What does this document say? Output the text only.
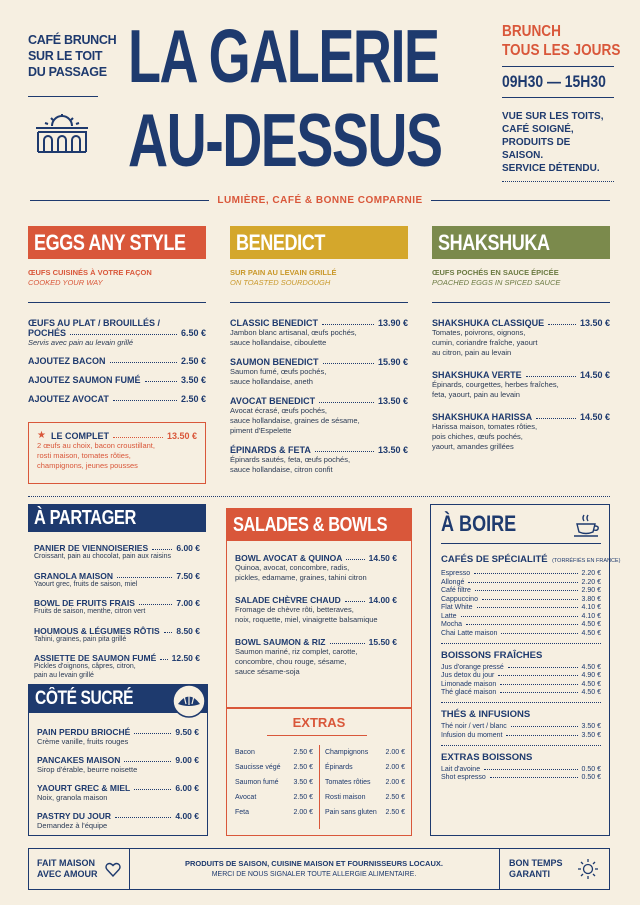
CAFÉ BRUNCH
SUR LE TOIT
DU PASSAGE LA GALERIE
AU-DESSUS
LUMIÈRE, CAFÉ & BONNE COMPARNIE
BRUNCH
TOUS LES JOURS
09H30 — 15H30
VUE SUR LES TOITS,
CAFÉ SOIGNÉ,
PRODUITS DE SAISON.
SERVICE DÉTENDU.
EGGS ANY STYLE
ŒUFS CUISINÉS À VOTRE FAÇON
COOKED YOUR WAY
ŒUFS AU PLAT / BROUILLÉS /
POCHÉS	6.50 €
Servis avec pain au levain grillé
AJOUTEZ BACON	2.50 €
AJOUTEZ SAUMON FUMÉ	3.50 €
AJOUTEZ AVOCAT	2.50 €
★ LE COMPLET	13.50 €
2 œufs au choix, bacon croustillant,
rosti maison, tomates rôties,
champignons, jeunes pousses
BENEDICT
SUR PAIN AU LEVAIN GRILLÉ
ON TOASTED SOURDOUGH
CLASSIC BENEDICT	13.90 €
Jambon blanc artisanal, œufs pochés,
sauce hollandaise, ciboulette
SAUMON BENEDICT	15.90 €
Saumon fumé, œufs pochés,
sauce hollandaise, aneth
AVOCAT BENEDICT	13.50 €
Avocat écrasé, œufs pochés,
sauce hollandaise, graines de sésame,
piment d'Espelette
ÉPINARDS & FETA	13.50 €
Épinards sautés, feta, œufs pochés,
sauce hollandaise, citron confit
SHAKSHUKA
ŒUFS POCHÉS EN SAUCE ÉPICÉE
POACHED EGGS IN SPICED SAUCE
SHAKSHUKA CLASSIQUE	13.50 €
Tomates, poivrons, oignons,
cumin, coriandre fraîche, yaourt
au citron, pain au levain
SHAKSHUKA VERTE	14.50 €
Épinards, courgettes, herbes fraîches,
feta, yaourt, pain au levain
SHAKSHUKA HARISSA	14.50 €
Harissa maison, tomates rôties,
pois chiches, œufs pochés,
yaourt, amandes grillées
À PARTAGER
PANIER DE VIENNOISERIES	6.00 €
Croissant, pain au chocolat, pain aux raisins
GRANOLA MAISON	7.50 €
Yaourt grec, fruits de saison, miel
BOWL DE FRUITS FRAIS	7.00 €
Fruits de saison, menthe, citron vert
HOUMOUS & LÉGUMES RÔTIS 8.50 €
Tahini, graines, pain pita grillé
ASSIETTE DE SAUMON FUMÉ 12.50 €
Pickles d'oignons, câpres, citron,
pain au levain grillé
CÔTÉ SUCRÉ
PAIN PERDU BRIOCHÉ	9.50 €
Crème vanille, fruits rouges
PANCAKES MAISON	9.00 €
Sirop d'érable, beurre noisette
YAOURT GREC & MIEL	6.00 €
Noix, granola maison
PASTRY DU JOUR	4.00 €
Demandez à l'équipe
SALADES & BOWLS
BOWL AVOCAT & QUINOA	14.50 €
Quinoa, avocat, concombre, radis,
pickles, edamame, graines, tahini citron
SALADE CHÈVRE CHAUD	14.00 €
Fromage de chèvre rôti, betteraves,
noix, roquette, miel, vinaigrette balsamique
BOWL SAUMON & RIZ	15.50 €
Saumon mariné, riz complet, carotte,
concombre, chou rouge, sésame,
sauce sésame-soja
EXTRAS
Bacon	2.50 €
Saucisse végé	2.50 €
Saumon fumé	3.50 €
Avocat	2.50 €
Feta	2.00 €
Champignons	2.00 €
Épinards	2.00 €
Tomates rôties	2.00 €
Rosti maison	2.50 €
Pain sans gluten	2.50 €
À BOIRE
CAFÉS DE SPÉCIALITÉ (TORRÉFIÉS EN FRANCE)
Espresso	2.20 €
Allongé	2.20 €
Café filtre	2.90 €
Cappuccino	3.80 €
Flat White	4.10 €
Latte	4.10 €
Mocha	4.50 €
Chai Latte maison	4.50 €
BOISSONS FRAÎCHES
Jus d'orange pressé	4.50 €
Jus detox du jour	4.90 €
Limonade maison	4.50 €
Thé glacé maison	4.50 €
THÉS & INFUSIONS
Thé noir / vert / blanc	3.50 €
Infusion du moment	3.50 €
EXTRAS BOISSONS
Lait d'avoine	0.50 €
Shot espresso	0.50 €
FAIT MAISON
AVEC AMOUR
PRODUITS DE SAISON, CUISINE MAISON ET FOURNISSEURS LOCAUX.
MERCI DE NOUS SIGNALER TOUTE ALLERGIE ALIMENTAIRE.
BON TEMPS
GARANTI
